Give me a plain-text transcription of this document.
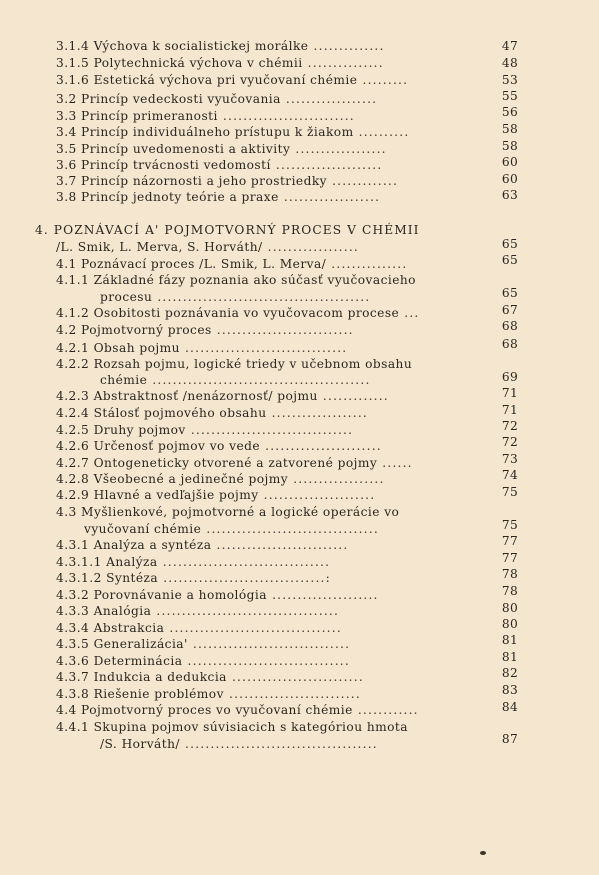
3.1.4 Výchova k socialistickej morálke ..............	47
3.1.5 Polytechnická výchova v chémii ...............	48
3.1.6 Estetická výchova pri vyučovaní chémie .........	53
3.2 Princíp vedeckosti vyučovania ..................	55
3.3 Princíp primeranosti ..........................	56
3.4 Princíp individuálneho prístupu k žiakom ..........	58
3.5 Princíp uvedomenosti a aktivity ..................	58
3.6 Princíp trvácnosti vedomostí .....................	60
3.7 Princíp názornosti a jeho prostriedky .............	60
3.8 Princíp jednoty teórie a praxe ...................	63
4. POZNÁVACÍ A' POJMOTVORNÝ PROCES V CHÉMII
/L. Smik, L. Merva, S. Horváth/ ..................	65
4.1 Poznávací proces /L. Smik, L. Merva/ ...............	65
4.1.1 Základné fázy poznania ako súčasť vyučovacieho
procesu ..........................................	65
4.1.2 Osobitosti poznávania vo vyučovacom procese ...	67
4.2 Pojmotvorný proces ...........................	68
4.2.1 Obsah pojmu ................................	68
4.2.2 Rozsah pojmu, logické triedy v učebnom obsahu
chémie ...........................................	69
4.2.3 Abstraktnosť /nenázornosť/ pojmu .............	71
4.2.4 Stálosť pojmového obsahu ...................	71
4.2.5 Druhy pojmov ................................	72
4.2.6 Určenosť pojmov vo vede .......................	72
4.2.7 Ontogeneticky otvorené a zatvorené pojmy ......	73
4.2.8 Všeobecné a jedinečné pojmy ..................	74
4.2.9 Hlavné a vedľajšie pojmy ......................	75
4.3 Myšlienkové, pojmotvorné a logické operácie vo
vyučovaní chémie ..................................	75
4.3.1 Analýza a syntéza ..........................	77
4.3.1.1 Analýza .................................	77
4.3.1.2 Syntéza ................................:	78
4.3.2 Porovnávanie a homológia .....................	78
4.3.3 Analógia ....................................	80
4.3.4 Abstrakcia ..................................	80
4.3.5 Generalizácia' ...............................	81
4.3.6 Determinácia ................................	81
4.3.7 Indukcia a dedukcia ..........................	82
4.3.8 Riešenie problémov ..........................	83
4.4 Pojmotvorný proces vo vyučovaní chémie ............	84
4.4.1 Skupina pojmov súvisiacich s kategóriou hmota
/S. Horváth/ ......................................	87
